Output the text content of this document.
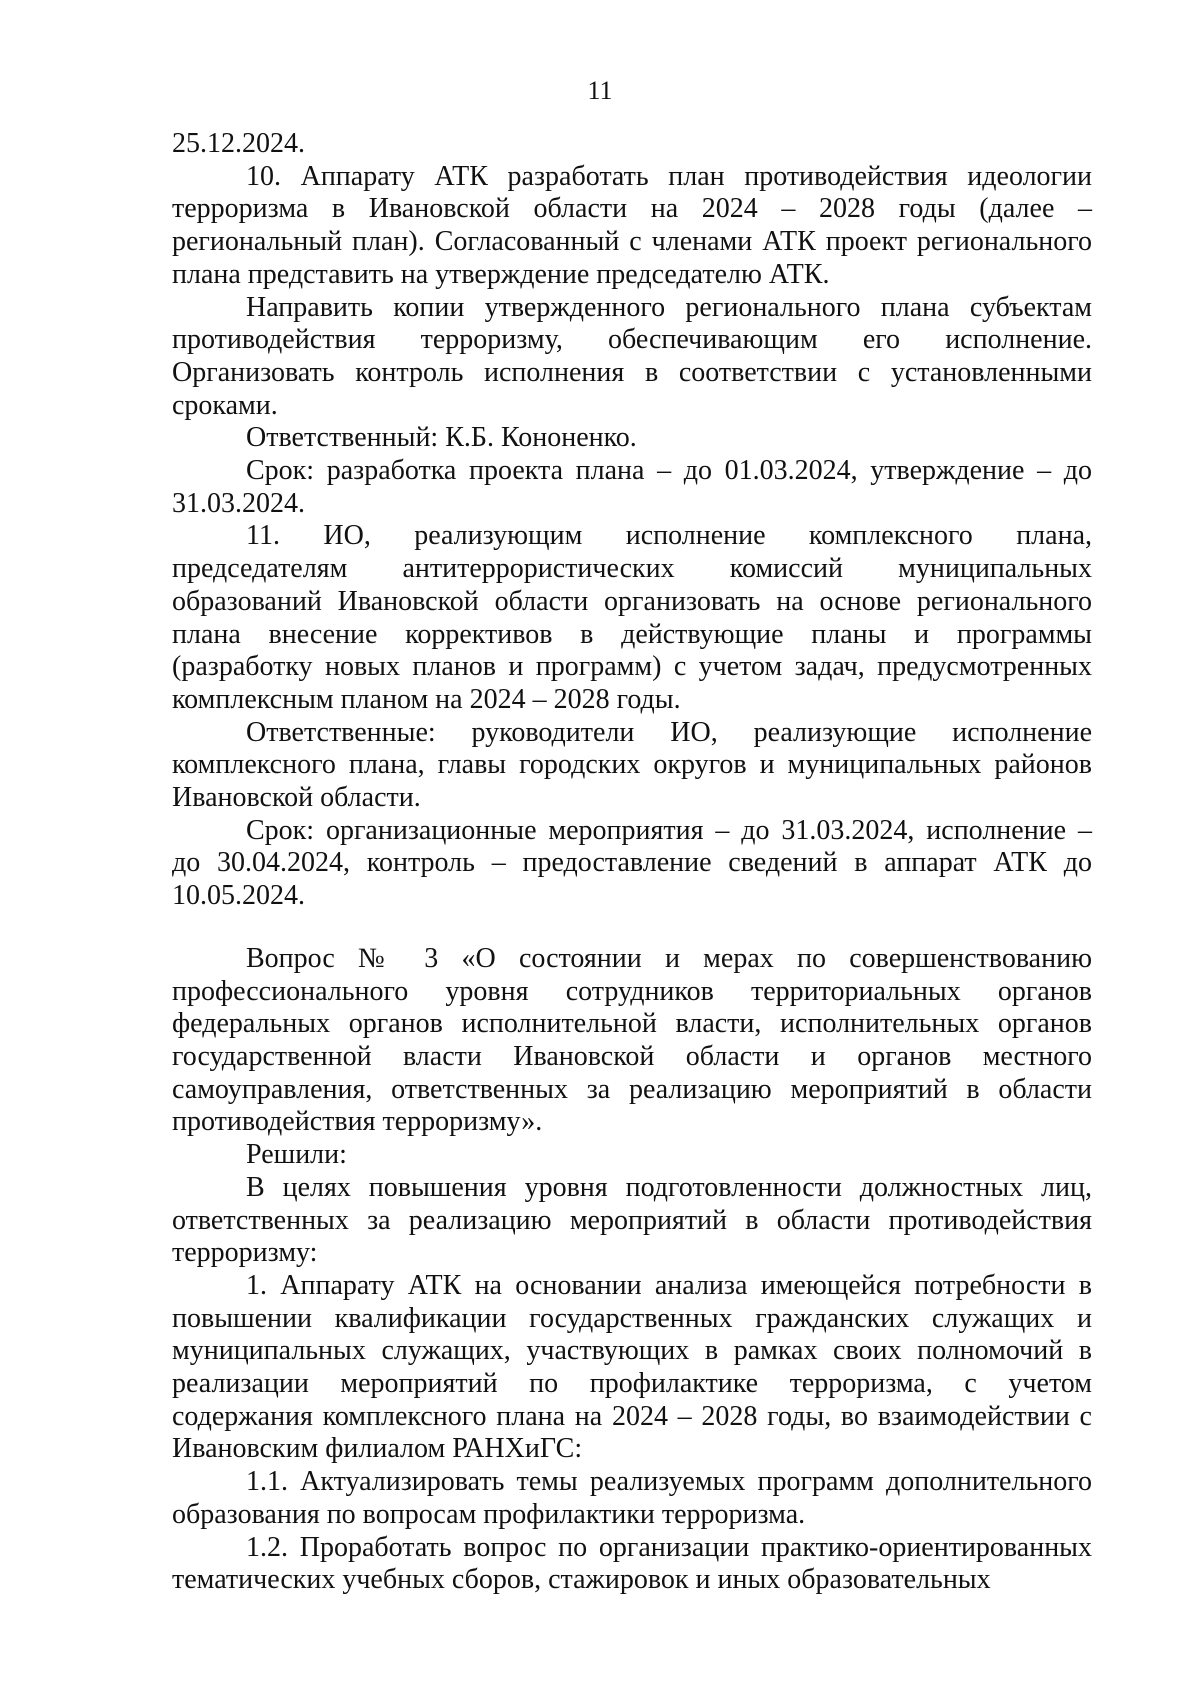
11

25.12.2024.

10. Аппарату АТК разработать план противодействия идеологии терроризма в Ивановской области на 2024 – 2028 годы (далее – региональный план). Согласованный с членами АТК проект регионального плана представить на утверждение председателю АТК.

Направить копии утвержденного регионального плана субъектам противодействия терроризму, обеспечивающим его исполнение. Организовать контроль исполнения в соответствии с установленными сроками.

Ответственный: К.Б. Кононенко.

Срок: разработка проекта плана – до 01.03.2024, утверждение – до 31.03.2024.

11. ИО, реализующим исполнение комплексного плана, председателям антитеррористических комиссий муниципальных образований Ивановской области организовать на основе регионального плана внесение коррективов в действующие планы и программы (разработку новых планов и программ) с учетом задач, предусмотренных комплексным планом на 2024 – 2028 годы.

Ответственные: руководители ИО, реализующие исполнение комплексного плана, главы городских округов и муниципальных районов Ивановской области.

Срок: организационные мероприятия – до 31.03.2024, исполнение – до 30.04.2024, контроль – предоставление сведений в аппарат АТК до 10.05.2024.

Вопрос № 3 «О состоянии и мерах по совершенствованию профессионального уровня сотрудников территориальных органов федеральных органов исполнительной власти, исполнительных органов государственной власти Ивановской области и органов местного самоуправления, ответственных за реализацию мероприятий в области противодействия терроризму».

Решили:

В целях повышения уровня подготовленности должностных лиц, ответственных за реализацию мероприятий в области противодействия терроризму:

1. Аппарату АТК на основании анализа имеющейся потребности в повышении квалификации государственных гражданских служащих и муниципальных служащих, участвующих в рамках своих полномочий в реализации мероприятий по профилактике терроризма, с учетом содержания комплексного плана на 2024 – 2028 годы, во взаимодействии с Ивановским филиалом РАНХиГС:

1.1. Актуализировать темы реализуемых программ дополнительного образования по вопросам профилактики терроризма.

1.2. Проработать вопрос по организации практико-ориентированных тематических учебных сборов, стажировок и иных образовательных
